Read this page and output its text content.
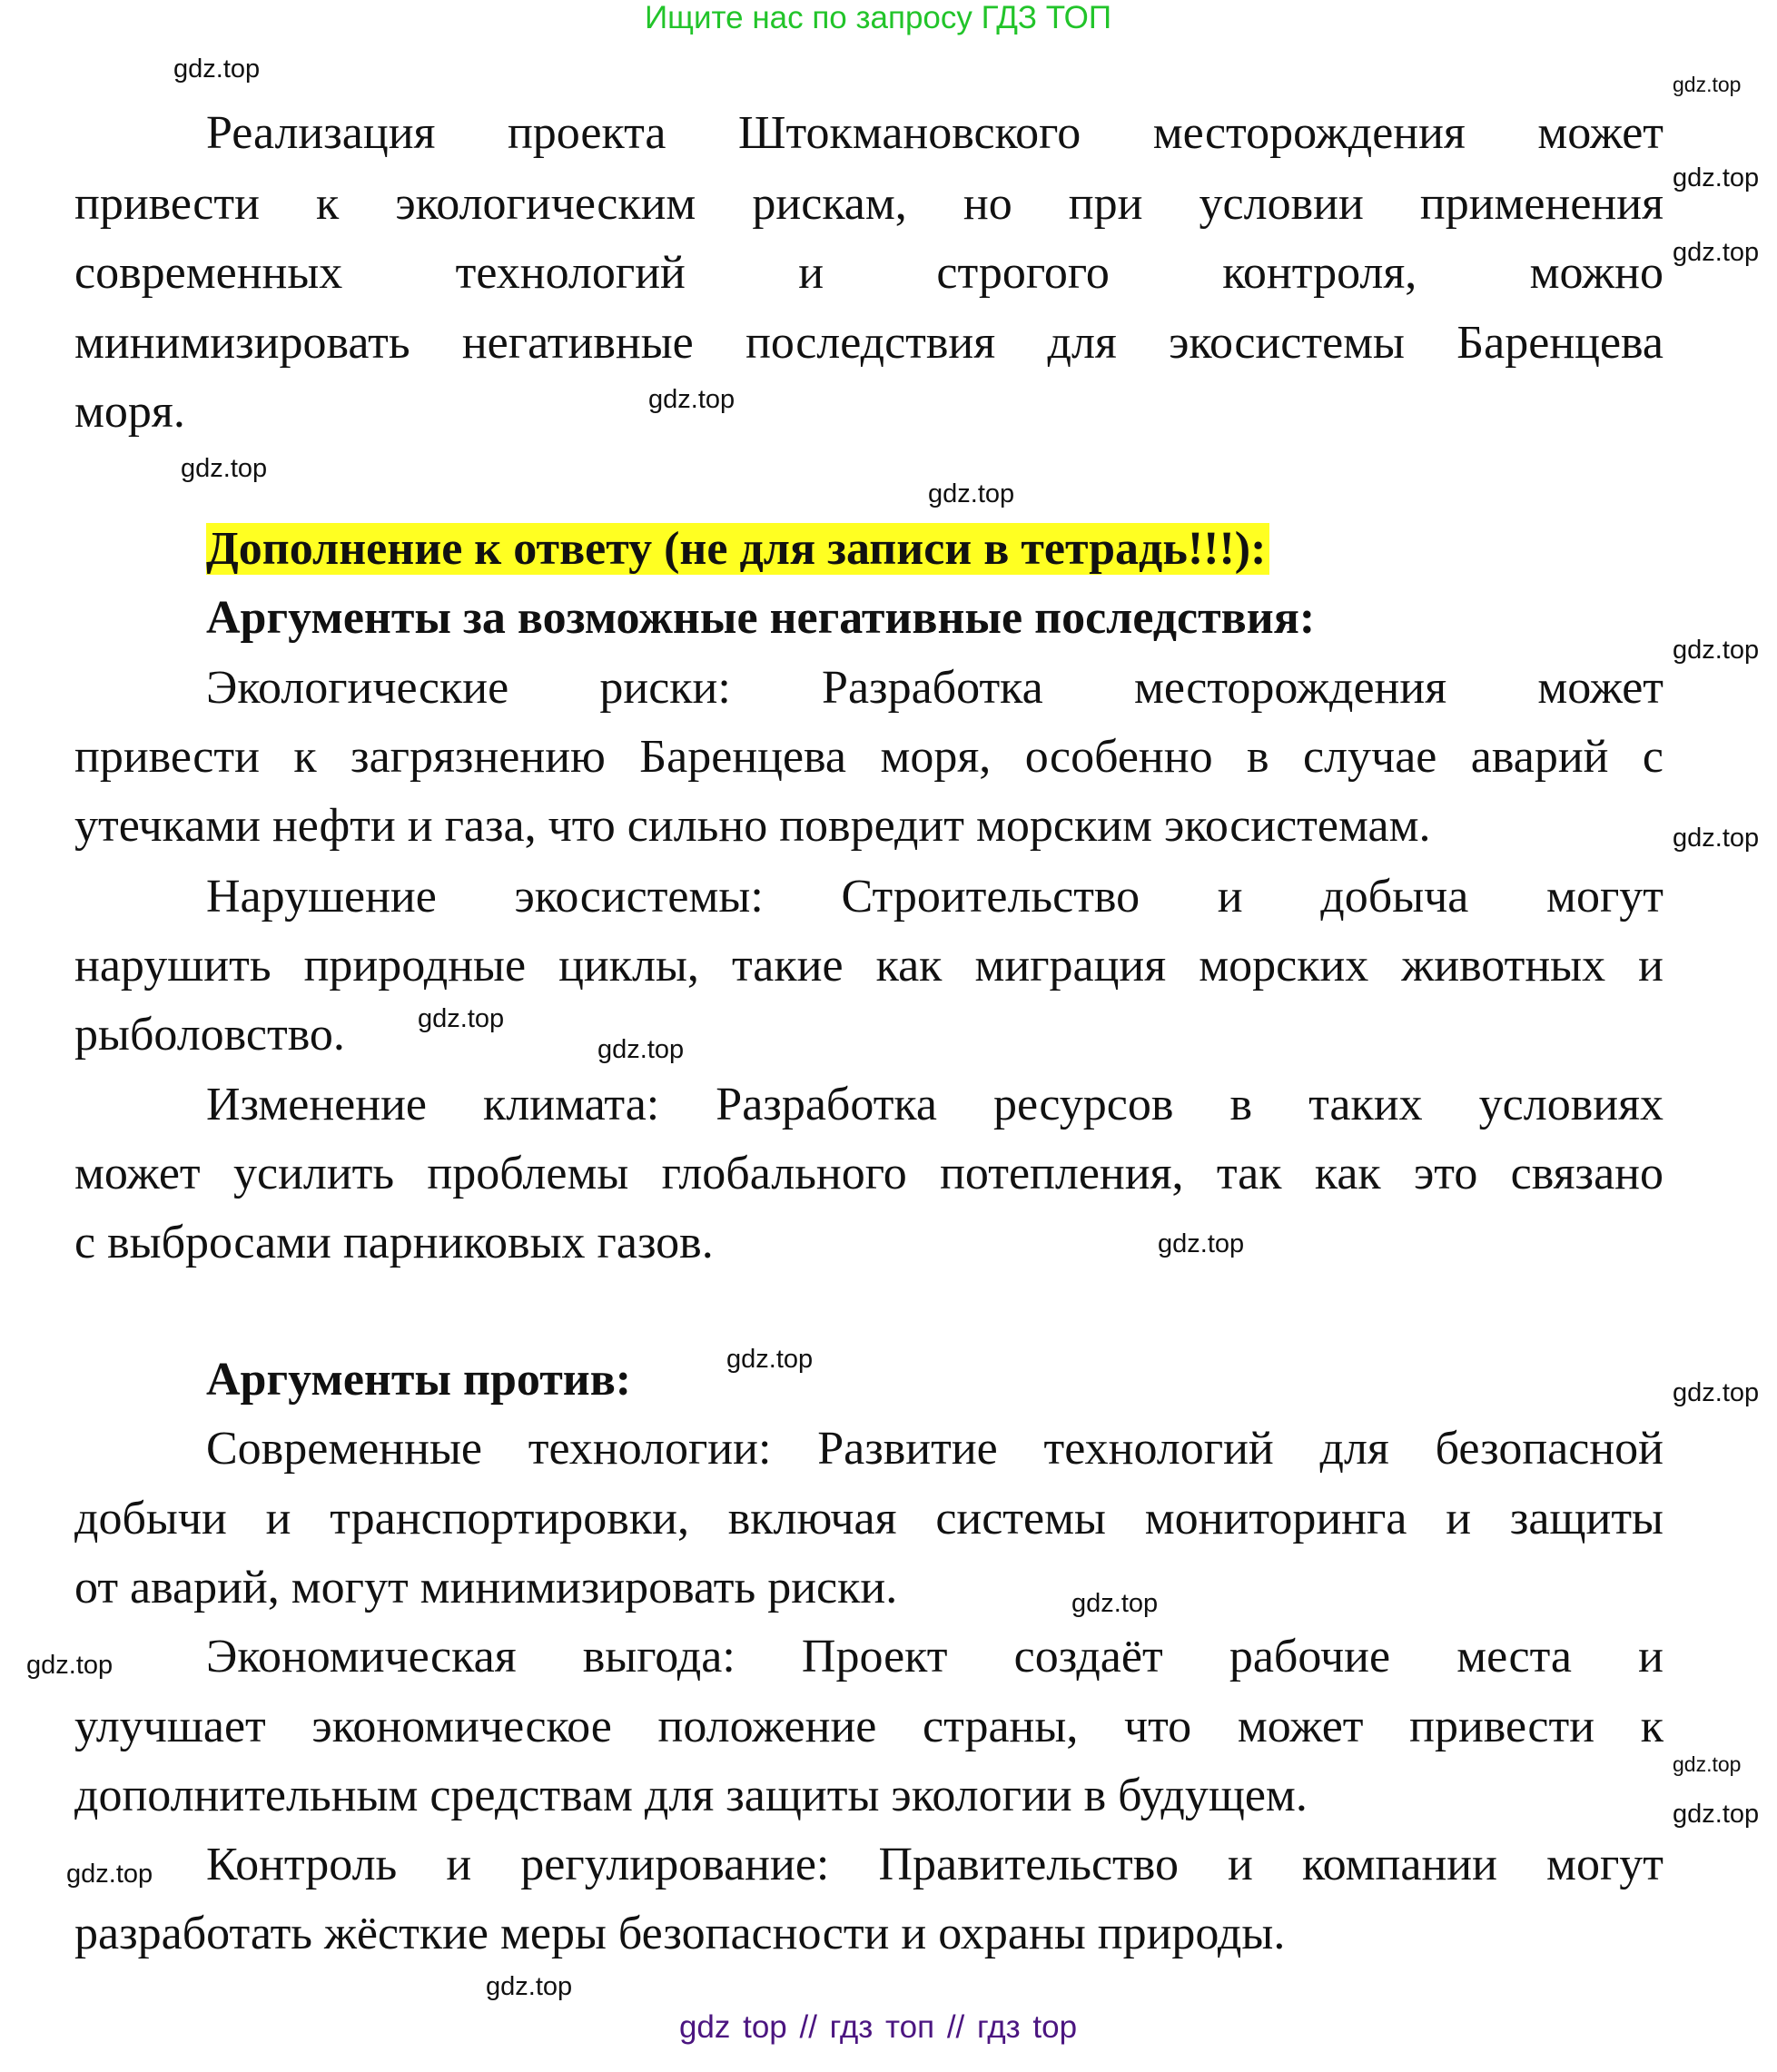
Ищите нас по запросу ГДЗ ТОП
Реализация проекта Штокмановского месторождения может
привести к экологическим рискам, но при условии применения
современных технологий и строгого контроля, можно
минимизировать негативные последствия для экосистемы Баренцева
моря.
Дополнение к ответу (не для записи в тетрадь!!!):
Аргументы за возможные негативные последствия:
Экологические риски: Разработка месторождения может
привести к загрязнению Баренцева моря, особенно в случае аварий с
утечками нефти и газа, что сильно повредит морским экосистемам.
Нарушение экосистемы: Строительство и добыча могут
нарушить природные циклы, такие как миграция морских животных и
рыболовство.
Изменение климата: Разработка ресурсов в таких условиях
может усилить проблемы глобального потепления, так как это связано
с выбросами парниковых газов.
Аргументы против:
Современные технологии: Развитие технологий для безопасной
добычи и транспортировки, включая системы мониторинга и защиты
от аварий, могут минимизировать риски.
Экономическая выгода: Проект создаёт рабочие места и
улучшает экономическое положение страны, что может привести к
дополнительным средствам для защиты экологии в будущем.
Контроль и регулирование: Правительство и компании могут
разработать жёсткие меры безопасности и охраны природы.
gdz.top
gdz.top
gdz.top
gdz.top
gdz.top
gdz.top
gdz.top
gdz.top
gdz.top
gdz.top
gdz.top
gdz.top
gdz.top
gdz.top
gdz.top
gdz.top
gdz.top
gdz.top
gdz.top
gdz.top
gdz top // гдз топ // гдз top
